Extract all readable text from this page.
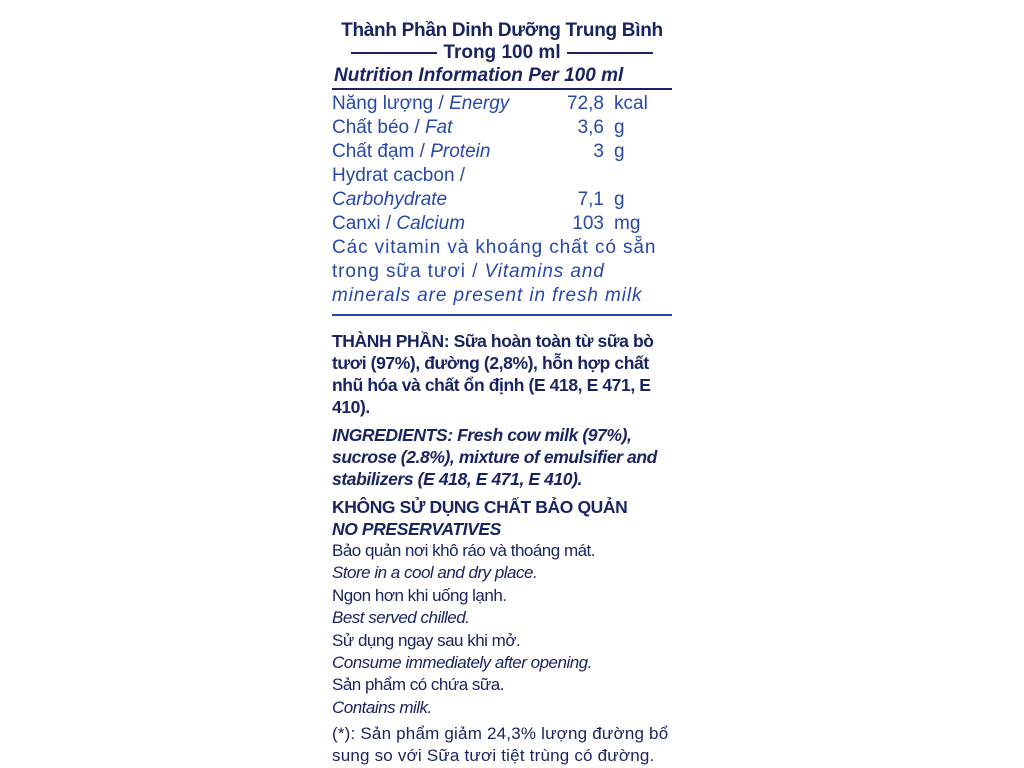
Thành Phần Dinh Dưỡng Trung Bình
Trong 100 ml
Nutrition Information Per 100 ml
Năng lượng / Energy	72,8 kcal
Chất béo / Fat	3,6 g
Chất đạm / Protein	3 g
Hydrat cacbon /
Carbohydrate	7,1 g
Canxi / Calcium	103 mg
Các vitamin và khoáng chất có sẵn trong sữa tươi / Vitamins and minerals are present in fresh milk
THÀNH PHẦN: Sữa hoàn toàn từ sữa bò tươi (97%), đường (2,8%), hỗn hợp chất nhũ hóa và chất ổn định (E 418, E 471, E 410).
INGREDIENTS: Fresh cow milk (97%), sucrose (2.8%), mixture of emulsifier and stabilizers (E 418, E 471, E 410).
KHÔNG SỬ DỤNG CHẤT BẢO QUẢN
NO PRESERVATIVES
Bảo quản nơi khô ráo và thoáng mát.
Store in a cool and dry place.
Ngon hơn khi uống lạnh.
Best served chilled.
Sử dụng ngay sau khi mở.
Consume immediately after opening.
Sản phẩm có chứa sữa.
Contains milk.
(*): Sản phẩm giảm 24,3% lượng đường bổ sung so với Sữa tươi tiệt trùng có đường.
